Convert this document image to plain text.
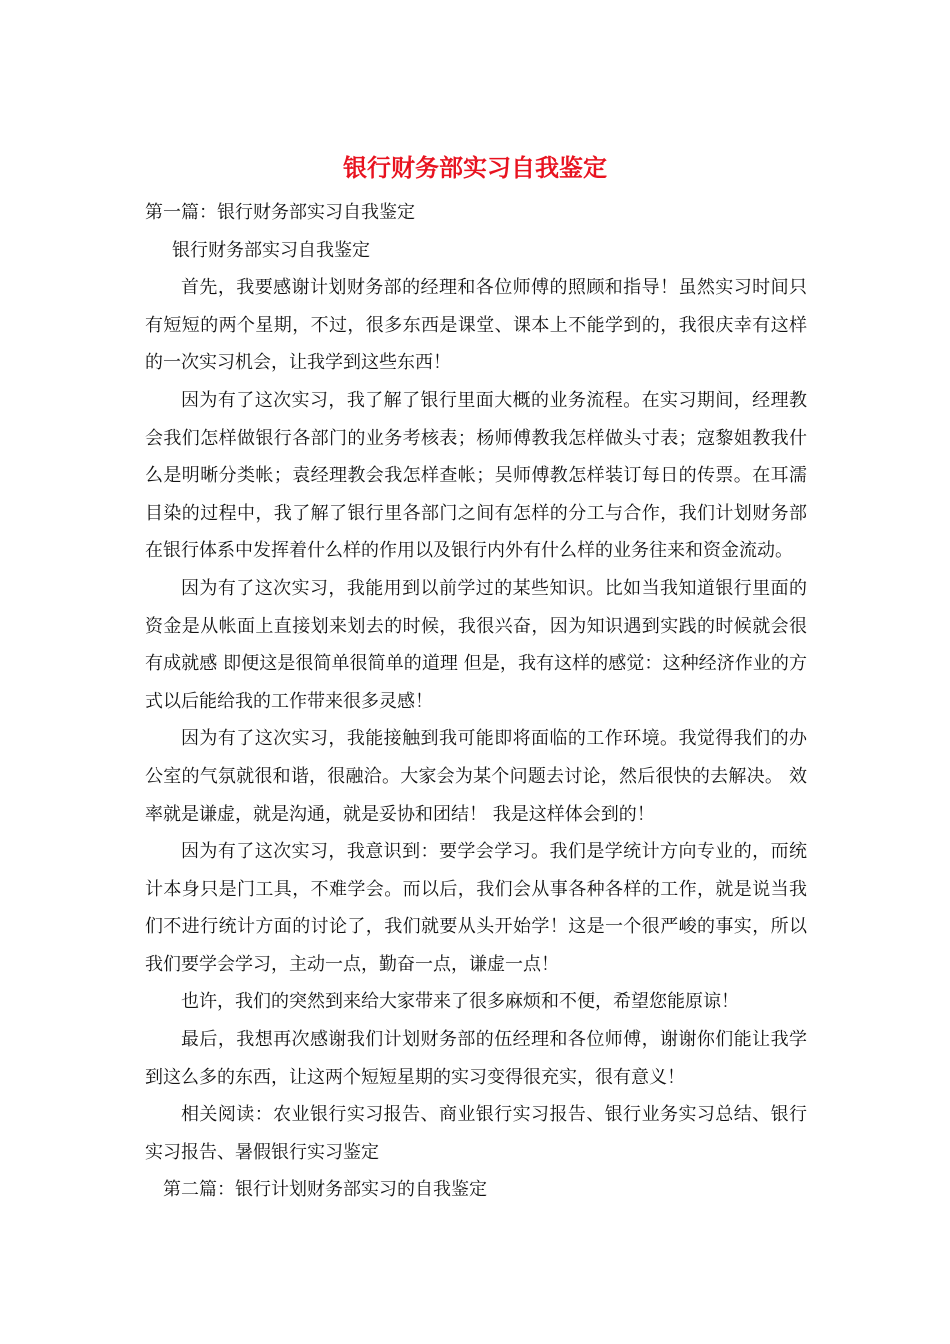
银行财务部实习自我鉴定

第一篇：银行财务部实习自我鉴定

银行财务部实习自我鉴定

首先，我要感谢计划财务部的经理和各位师傅的照顾和指导！虽然实习时间只有短短的两个星期，不过，很多东西是课堂、课本上不能学到的，我很庆幸有这样的一次实习机会，让我学到这些东西！

因为有了这次实习，我了解了银行里面大概的业务流程。在实习期间，经理教会我们怎样做银行各部门的业务考核表；杨师傅教我怎样做头寸表；寇黎姐教我什么是明晰分类帐；袁经理教会我怎样查帐；吴师傅教怎样装订每日的传票。在耳濡目染的过程中，我了解了银行里各部门之间有怎样的分工与合作，我们计划财务部在银行体系中发挥着什么样的作用以及银行内外有什么样的业务往来和资金流动。

因为有了这次实习，我能用到以前学过的某些知识。比如当我知道银行里面的资金是从帐面上直接划来划去的时候，我很兴奋，因为知识遇到实践的时候就会很有成就感 即便这是很简单很简单的道理 但是，我有这样的感觉：这种经济作业的方式以后能给我的工作带来很多灵感！

因为有了这次实习，我能接触到我可能即将面临的工作环境。我觉得我们的办公室的气氛就很和谐，很融洽。大家会为某个问题去讨论，然后很快的去解决。 效率就是谦虚，就是沟通，就是妥协和团结！ 我是这样体会到的！

因为有了这次实习，我意识到：要学会学习。我们是学统计方向专业的，而统计本身只是门工具，不难学会。而以后，我们会从事各种各样的工作，就是说当我们不进行统计方面的讨论了，我们就要从头开始学！这是一个很严峻的事实，所以我们要学会学习，主动一点，勤奋一点，谦虚一点！

也许，我们的突然到来给大家带来了很多麻烦和不便，希望您能原谅！

最后，我想再次感谢我们计划财务部的伍经理和各位师傅，谢谢你们能让我学到这么多的东西，让这两个短短星期的实习变得很充实，很有意义！

相关阅读：农业银行实习报告、商业银行实习报告、银行业务实习总结、银行实习报告、暑假银行实习鉴定

第二篇：银行计划财务部实习的自我鉴定
